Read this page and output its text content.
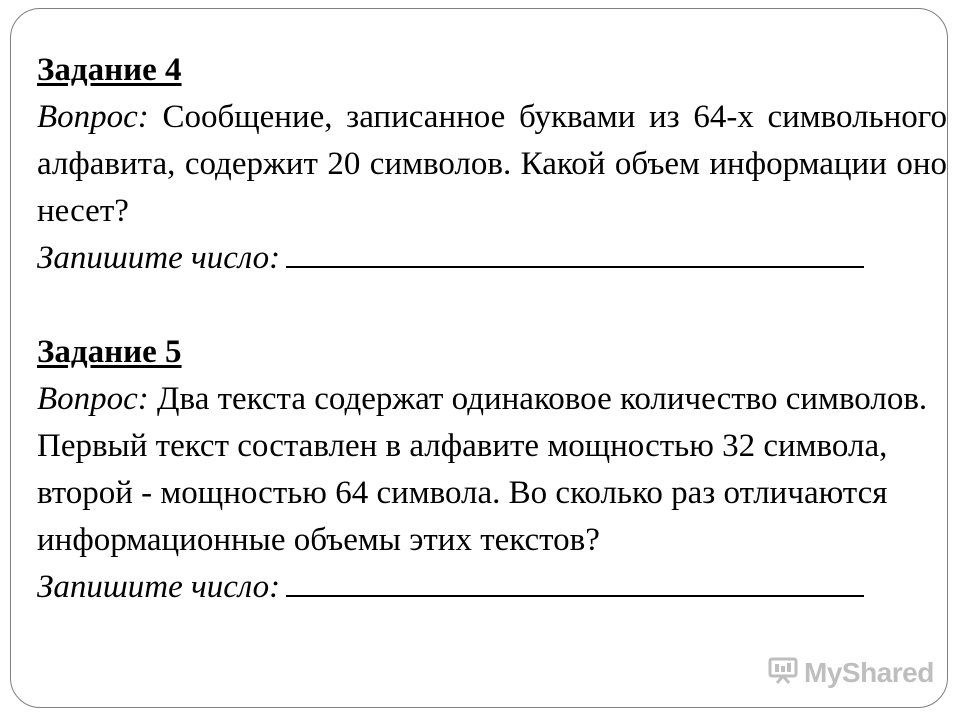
Задание 4

Вопрос: Сообщение, записанное буквами из 64-х символьного алфавита, содержит 20 символов. Какой объем информации оно несет?

Запишите число:

Задание 5

Вопрос: Два текста содержат одинаковое количество символов. Первый текст составлен в алфавите мощностью 32 символа, второй - мощностью 64 символа. Во сколько раз отличаются информационные объемы этих текстов?

Запишите число:

MyShared
